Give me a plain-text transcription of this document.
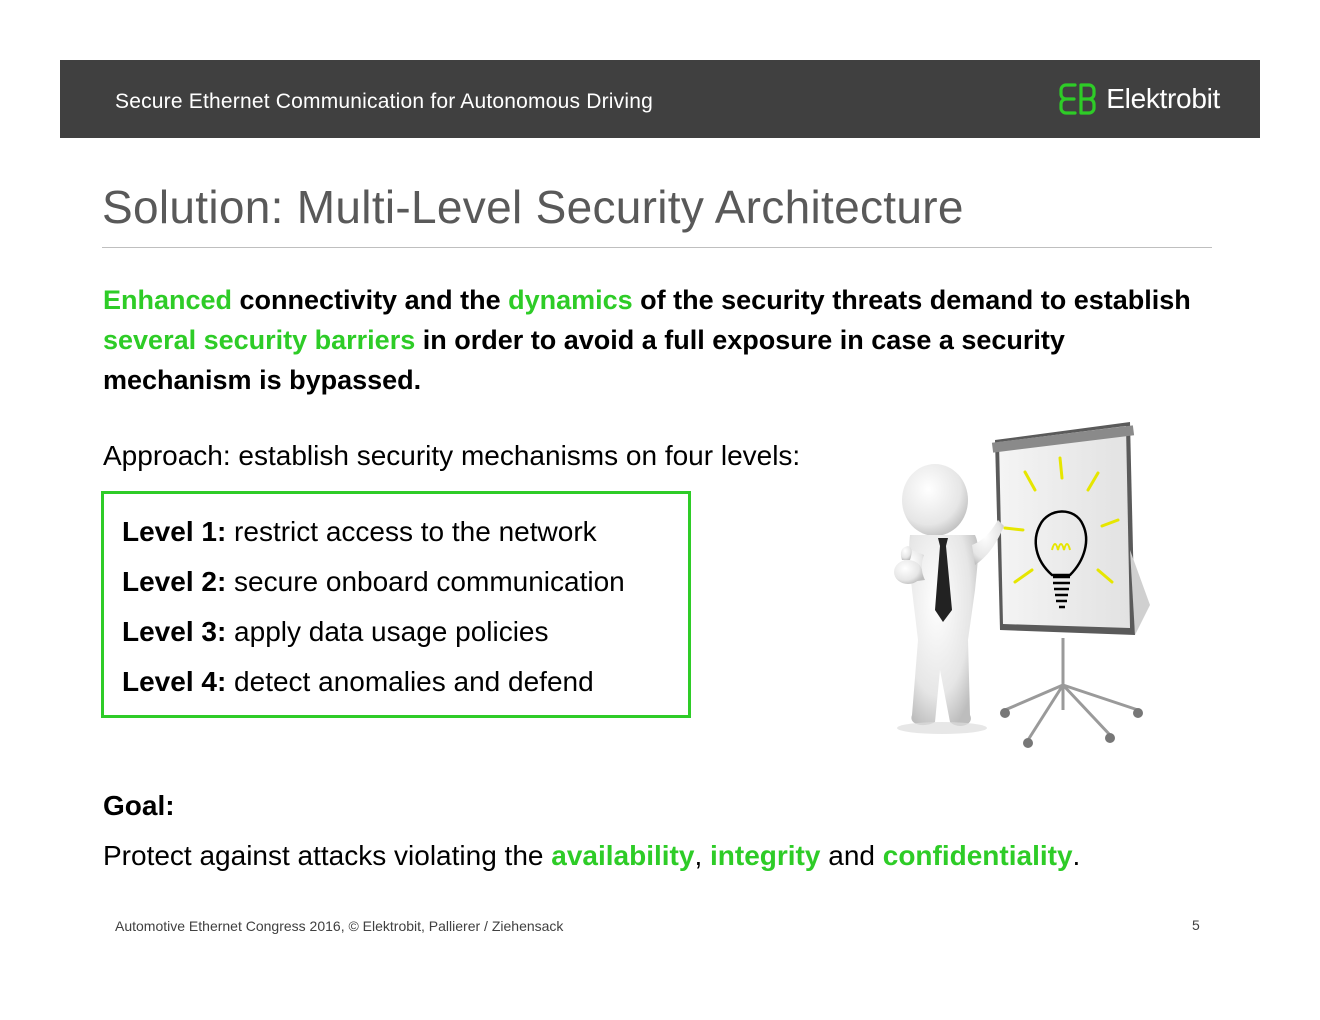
Secure Ethernet Communication for Autonomous Driving	Elektrobit
Solution: Multi-Level Security Architecture
Enhanced connectivity and the dynamics of the security threats demand to establish several security barriers in order to avoid a full exposure in case a security mechanism is bypassed.
Approach: establish security mechanisms on four levels:
Level 1: restrict access to the network
Level 2: secure onboard communication
Level 3: apply data usage policies
Level 4: detect anomalies and defend
Goal:
Protect against attacks violating the availability, integrity and confidentiality.
Automotive Ethernet Congress 2016, © Elektrobit, Pallierer / Ziehensack	5
